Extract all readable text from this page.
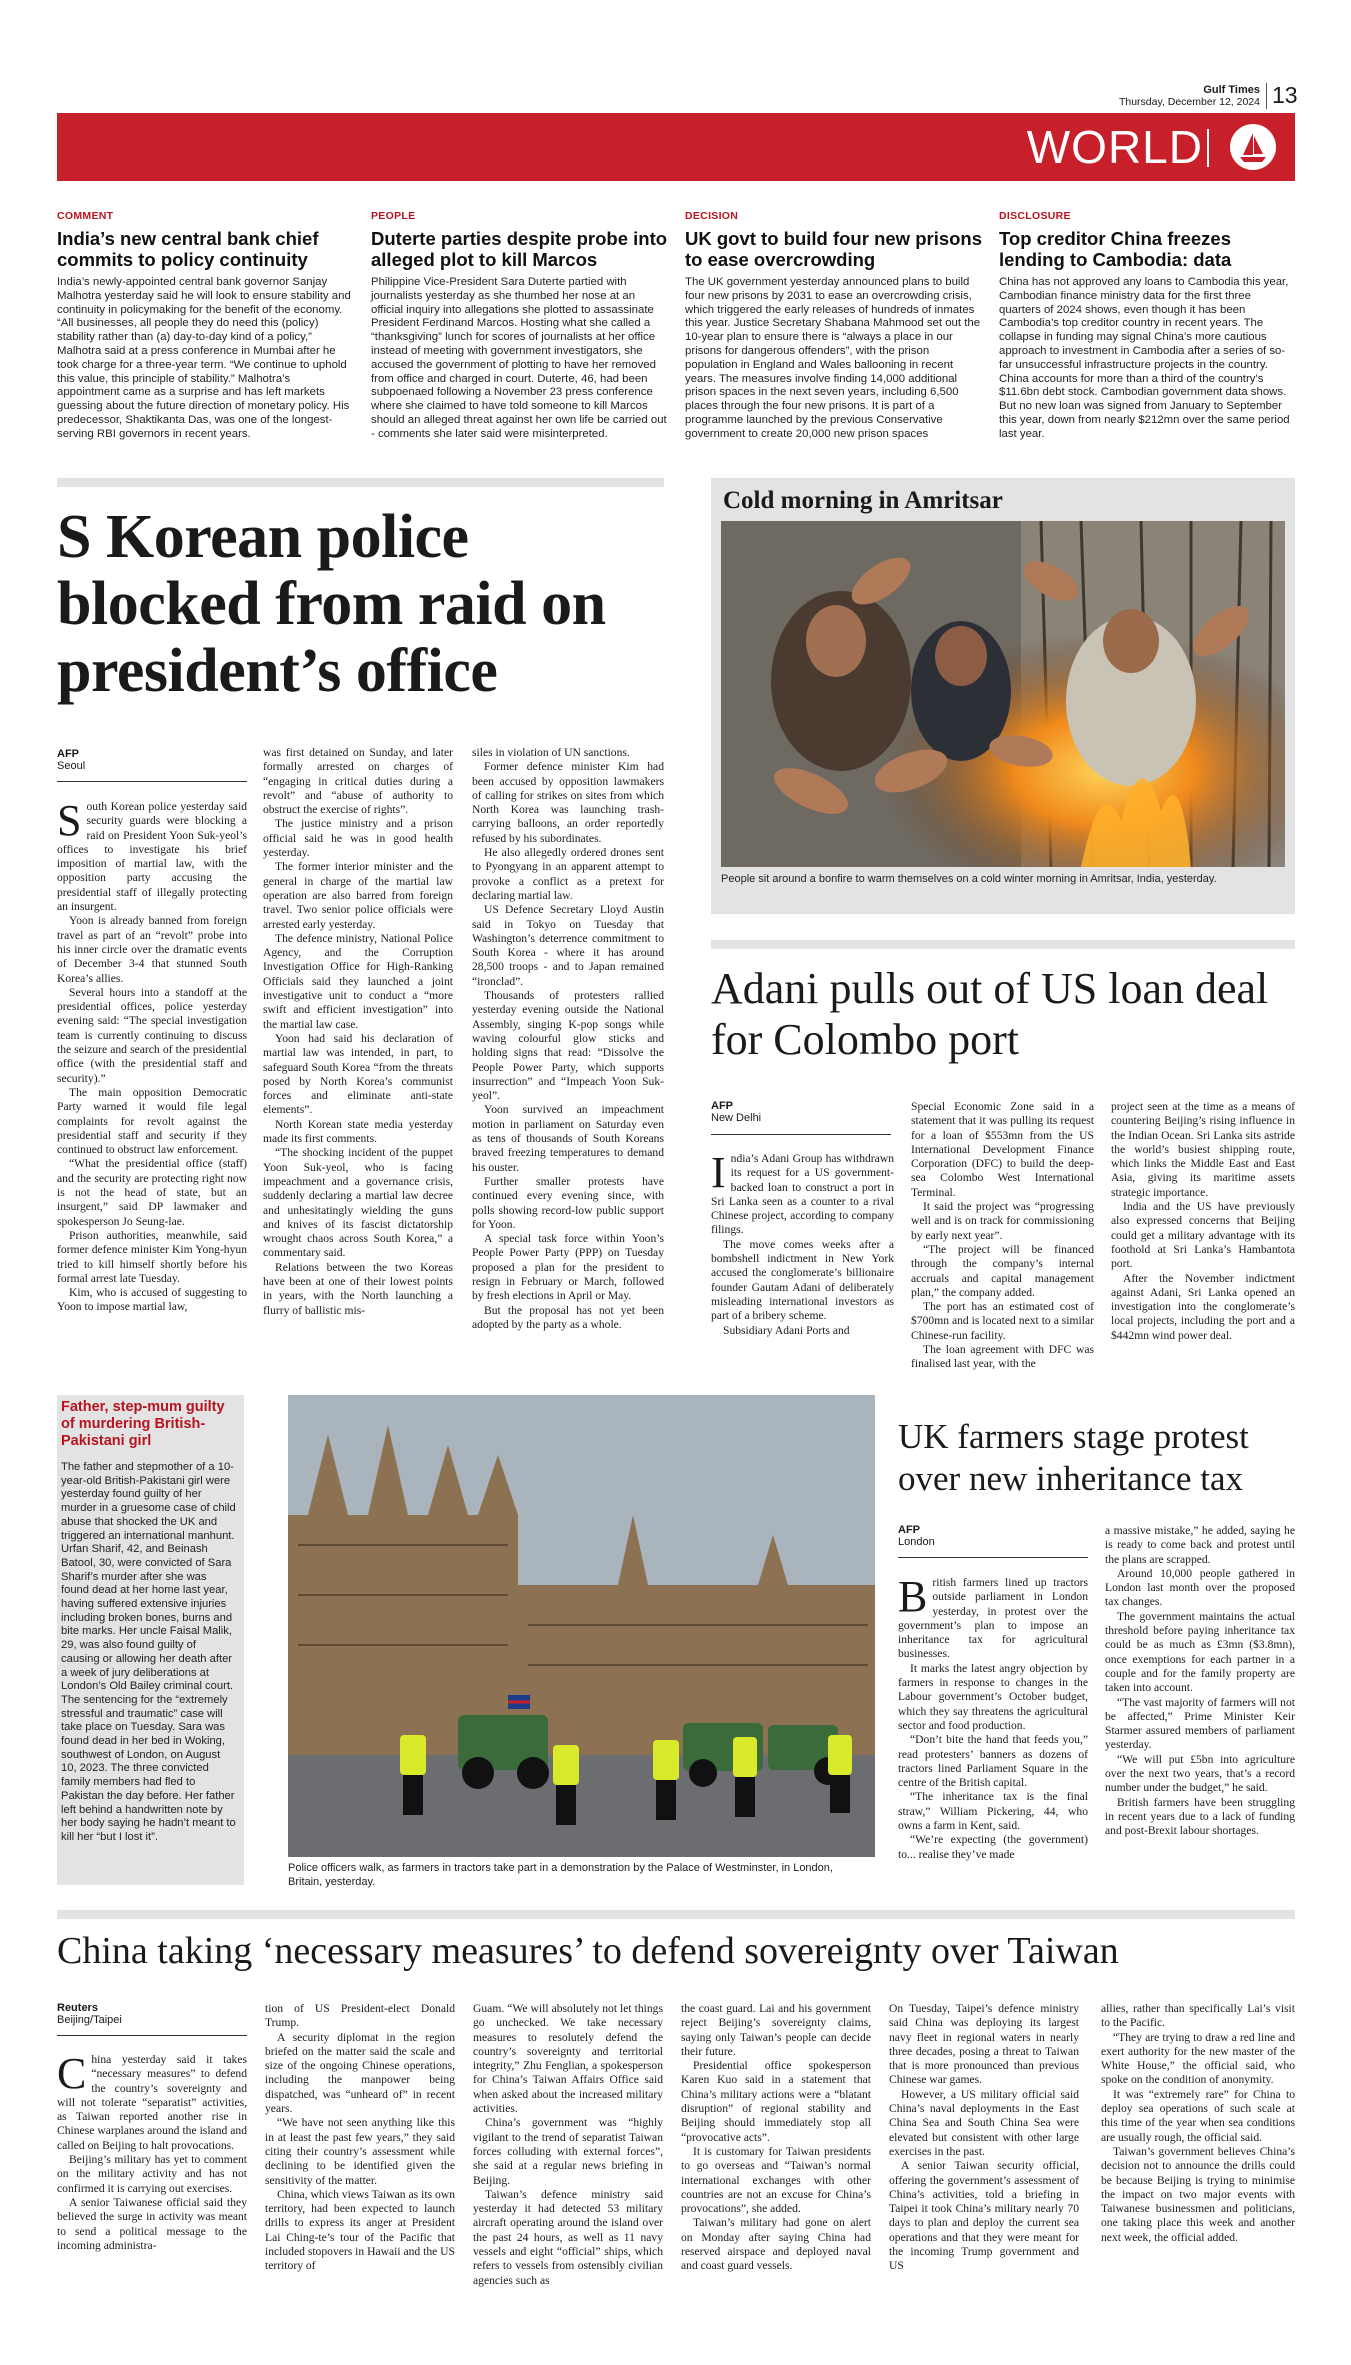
Gulf Times
Thursday, December 12, 2024 13
WORLD
COMMENT
India’s new central bank chief commits to policy continuity
India’s newly-appointed central bank governor Sanjay Malhotra yesterday said he will look to ensure stability and continuity in policymaking for the benefit of the economy. “All businesses, all people they do need this (policy) stability rather than (a) day-to-day kind of a policy,” Malhotra said at a press conference in Mumbai after he took charge for a three-year term. “We continue to uphold this value, this principle of stability.” Malhotra’s appointment came as a surprise and has left markets guessing about the future direction of monetary policy. His predecessor, Shaktikanta Das, was one of the longest-serving RBI governors in recent years.
PEOPLE
Duterte parties despite probe into alleged plot to kill Marcos
Philippine Vice-President Sara Duterte partied with journalists yesterday as she thumbed her nose at an official inquiry into allegations she plotted to assassinate President Ferdinand Marcos. Hosting what she called a “thanksgiving” lunch for scores of journalists at her office instead of meeting with government investigators, she accused the government of plotting to have her removed from office and charged in court. Duterte, 46, had been subpoenaed following a November 23 press conference where she claimed to have told someone to kill Marcos should an alleged threat against her own life be carried out - comments she later said were misinterpreted.
DECISION
UK govt to build four new prisons to ease overcrowding
The UK government yesterday announced plans to build four new prisons by 2031 to ease an overcrowding crisis, which triggered the early releases of hundreds of inmates this year. Justice Secretary Shabana Mahmood set out the 10-year plan to ensure there is “always a place in our prisons for dangerous offenders”, with the prison population in England and Wales ballooning in recent years. The measures involve finding 14,000 additional prison spaces in the next seven years, including 6,500 places through the four new prisons. It is part of a programme launched by the previous Conservative government to create 20,000 new prison spaces
DISCLOSURE
Top creditor China freezes lending to Cambodia: data
China has not approved any loans to Cambodia this year, Cambodian finance ministry data for the first three quarters of 2024 shows, even though it has been Cambodia’s top creditor country in recent years. The collapse in funding may signal China’s more cautious approach to investment in Cambodia after a series of so-far unsuccessful infrastructure projects in the country. China accounts for more than a third of the country’s $11.6bn debt stock. Cambodian government data shows. But no new loan was signed from January to September this year, down from nearly $212mn over the same period last year.
S Korean police blocked from raid on president’s office
AFP
Seoul

South Korean police yesterday said security guards were blocking a raid on President Yoon Suk-yeol’s offices to investigate his brief imposition of martial law, with the opposition party accusing the presidential staff of illegally protecting an insurgent.

Yoon is already banned from foreign travel as part of an “revolt” probe into his inner circle over the dramatic events of December 3-4 that stunned South Korea’s allies.

Several hours into a standoff at the presidential offices, police yesterday evening said: “The special investigation team is currently continuing to discuss the seizure and search of the presidential office (with the presidential staff and security).”

The main opposition Democratic Party warned it would file legal complaints for revolt against the presidential staff and security if they continued to obstruct law enforcement.

“What the presidential office (staff) and the security are protecting right now is not the head of state, but an insurgent,” said DP lawmaker and spokesperson Jo Seung-lae.

Prison authorities, meanwhile, said former defence minister Kim Yong-hyun tried to kill himself shortly before his formal arrest late Tuesday.

Kim, who is accused of suggesting to Yoon to impose martial law,

was first detained on Sunday, and later formally arrested on charges of “engaging in critical duties during a revolt” and “abuse of authority to obstruct the exercise of rights”.

The justice ministry and a prison official said he was in good health yesterday.

The former interior minister and the general in charge of the martial law operation are also barred from foreign travel. Two senior police officials were arrested early yesterday.

The defence ministry, National Police Agency, and the Corruption Investigation Office for High-Ranking Officials said they launched a joint investigative unit to conduct a “more swift and efficient investigation” into the martial law case.

Yoon had said his declaration of martial law was intended, in part, to safeguard South Korea “from the threats posed by North Korea’s communist forces and eliminate anti-state elements”.

North Korean state media yesterday made its first comments.

“The shocking incident of the puppet Yoon Suk-yeol, who is facing impeachment and a governance crisis, suddenly declaring a martial law decree and unhesitatingly wielding the guns and knives of its fascist dictatorship wrought chaos across South Korea,” a commentary said.

Relations between the two Koreas have been at one of their lowest points in years, with the North launching a flurry of ballistic mis-

siles in violation of UN sanctions.

Former defence minister Kim had been accused by opposition lawmakers of calling for strikes on sites from which North Korea was launching trash-carrying balloons, an order reportedly refused by his subordinates.

He also allegedly ordered drones sent to Pyongyang in an apparent attempt to provoke a conflict as a pretext for declaring martial law.

US Defence Secretary Lloyd Austin said in Tokyo on Tuesday that Washington’s deterrence commitment to South Korea - where it has around 28,500 troops - and to Japan remained “ironclad”.

Thousands of protesters rallied yesterday evening outside the National Assembly, singing K-pop songs while waving colourful glow sticks and holding signs that read: “Dissolve the People Power Party, which supports insurrection” and “Impeach Yoon Suk-yeol”.

Yoon survived an impeachment motion in parliament on Saturday even as tens of thousands of South Koreans braved freezing temperatures to demand his ouster.

Further smaller protests have continued every evening since, with polls showing record-low public support for Yoon.

A special task force within Yoon’s People Power Party (PPP) on Tuesday proposed a plan for the president to resign in February or March, followed by fresh elections in April or May.

But the proposal has not yet been adopted by the party as a whole.

Cold morning in Amritsar
People sit around a bonfire to warm themselves on a cold winter morning in Amritsar, India, yesterday.
Adani pulls out of US loan deal for Colombo port
AFP
New Delhi

India’s Adani Group has withdrawn its request for a US government-backed loan to construct a port in Sri Lanka seen as a counter to a rival Chinese project, according to company filings.

The move comes weeks after a bombshell indictment in New York accused the conglomerate’s billionaire founder Gautam Adani of deliberately misleading international investors as part of a bribery scheme.

Subsidiary Adani Ports and

Special Economic Zone said in a statement that it was pulling its request for a loan of $553mn from the US International Development Finance Corporation (DFC) to build the deep-sea Colombo West International Terminal.

It said the project was “progressing well and is on track for commissioning by early next year”.

“The project will be financed through the company’s internal accruals and capital management plan,” the company added.

The port has an estimated cost of $700mn and is located next to a similar Chinese-run facility.

The loan agreement with DFC was finalised last year, with the

project seen at the time as a means of countering Beijing’s rising influence in the Indian Ocean. Sri Lanka sits astride the world’s busiest shipping route, which links the Middle East and East Asia, giving its maritime assets strategic importance.

India and the US have previously also expressed concerns that Beijing could get a military advantage with its foothold at Sri Lanka’s Hambantota port.

After the November indictment against Adani, Sri Lanka opened an investigation into the conglomerate’s local projects, including the port and a $442mn wind power deal.

Father, step-mum guilty of murdering British-Pakistani girl
The father and stepmother of a 10-year-old British-Pakistani girl were yesterday found guilty of her murder in a gruesome case of child abuse that shocked the UK and triggered an international manhunt. Urfan Sharif, 42, and Beinash Batool, 30, were convicted of Sara Sharif’s murder after she was found dead at her home last year, having suffered extensive injuries including broken bones, burns and bite marks. Her uncle Faisal Malik, 29, was also found guilty of causing or allowing her death after a week of jury deliberations at London’s Old Bailey criminal court. The sentencing for the “extremely stressful and traumatic” case will take place on Tuesday. Sara was found dead in her bed in Woking, southwest of London, on August 10, 2023. The three convicted family members had fled to Pakistan the day before. Her father left behind a handwritten note by her body saying he hadn’t meant to kill her “but I lost it”.
Police officers walk, as farmers in tractors take part in a demonstration by the Palace of Westminster, in London, Britain, yesterday.
UK farmers stage protest over new inheritance tax
AFP
London

British farmers lined up tractors outside parliament in London yesterday, in protest over the government’s plan to impose an inheritance tax for agricultural businesses.

It marks the latest angry objection by farmers in response to changes in the Labour government’s October budget, which they say threatens the agricultural sector and food production.

“Don’t bite the hand that feeds you,” read protesters’ banners as dozens of tractors lined Parliament Square in the centre of the British capital.

“The inheritance tax is the final straw,” William Pickering, 44, who owns a farm in Kent, said.

“We’re expecting (the government) to... realise they’ve made

a massive mistake,” he added, saying he is ready to come back and protest until the plans are scrapped.

Around 10,000 people gathered in London last month over the proposed tax changes.

The government maintains the actual threshold before paying inheritance tax could be as much as £3mn ($3.8mn), once exemptions for each partner in a couple and for the family property are taken into account.

“The vast majority of farmers will not be affected,” Prime Minister Keir Starmer assured members of parliament yesterday.

“We will put £5bn into agriculture over the next two years, that’s a record number under the budget,” he said.

British farmers have been struggling in recent years due to a lack of funding and post-Brexit labour shortages.

China taking ‘necessary measures’ to defend sovereignty over Taiwan
Reuters
Beijing/Taipei

China yesterday said it takes “necessary measures” to defend the country’s sovereignty and will not tolerate “separatist” activities, as Taiwan reported another rise in Chinese warplanes around the island and called on Beijing to halt provocations.

Beijing’s military has yet to comment on the military activity and has not confirmed it is carrying out exercises.

A senior Taiwanese official said they believed the surge in activity was meant to send a political message to the incoming administra-

tion of US President-elect Donald Trump.

A security diplomat in the region briefed on the matter said the scale and size of the ongoing Chinese operations, including the manpower being dispatched, was “unheard of” in recent years.

“We have not seen anything like this in at least the past few years,” they said citing their country’s assessment while declining to be identified given the sensitivity of the matter.

China, which views Taiwan as its own territory, had been expected to launch drills to express its anger at President Lai Ching-te’s tour of the Pacific that included stopovers in Hawaii and the US territory of

Guam. “We will absolutely not let things go unchecked. We take necessary measures to resolutely defend the country’s sovereignty and territorial integrity,” Zhu Fenglian, a spokesperson for China’s Taiwan Affairs Office said when asked about the increased military activities.

China’s government was “highly vigilant to the trend of separatist Taiwan forces colluding with external forces”, she said at a regular news briefing in Beijing.

Taiwan’s defence ministry said yesterday it had detected 53 military aircraft operating around the island over the past 24 hours, as well as 11 navy vessels and eight “official” ships, which refers to vessels from ostensibly civilian agencies such as

the coast guard. Lai and his government reject Beijing’s sovereignty claims, saying only Taiwan’s people can decide their future.

Presidential office spokesperson Karen Kuo said in a statement that China’s military actions were a “blatant disruption” of regional stability and Beijing should immediately stop all “provocative acts”.

It is customary for Taiwan presidents to go overseas and “Taiwan’s normal international exchanges with other countries are not an excuse for China’s provocations”, she added.

Taiwan’s military had gone on alert on Monday after saying China had reserved airspace and deployed naval and coast guard vessels.

On Tuesday, Taipei’s defence ministry said China was deploying its largest navy fleet in regional waters in nearly three decades, posing a threat to Taiwan that is more pronounced than previous Chinese war games.

However, a US military official said China’s naval deployments in the East China Sea and South China Sea were elevated but consistent with other large exercises in the past.

A senior Taiwan security official, offering the government’s assessment of China’s activities, told a briefing in Taipei it took China’s military nearly 70 days to plan and deploy the current sea operations and that they were meant for the incoming Trump government and US

allies, rather than specifically Lai’s visit to the Pacific.

“They are trying to draw a red line and exert authority for the new master of the White House,” the official said, who spoke on the condition of anonymity.

It was “extremely rare” for China to deploy sea operations of such scale at this time of the year when sea conditions are usually rough, the official said.

Taiwan’s government believes China’s decision not to announce the drills could be because Beijing is trying to minimise the impact on two major events with Taiwanese businessmen and politicians, one taking place this week and another next week, the official added.
